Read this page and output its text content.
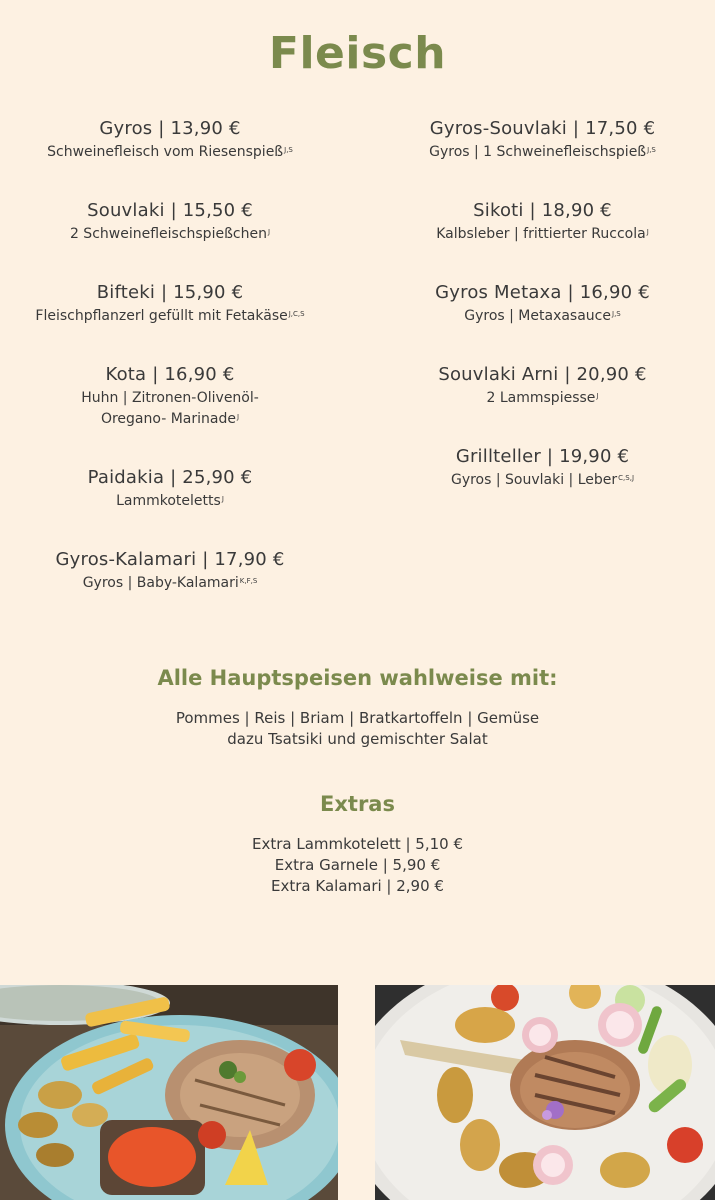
Fleisch
Gyros | 13,90 €
Schweinefleisch vom Riesenspieß$^{J,S}$
Souvlaki | 15,50 €
2 Schweinefleischspießchen$^J$
Bifteki | 15,90 €
Fleischpflanzerl gefüllt mit Fetakäse$^{J,C,S}$
Kota | 16,90 €
Huhn | Zitronen-Olivenöl-Oregano- Marinade$^J$
Paidakia | 25,90 €
Lammkoteletts$^J$
Gyros-Kalamari | 17,90 €
Gyros | Baby-Kalamari$^{K,F,S}$
Gyros-Souvlaki | 17,50 €
Gyros | 1 Schweinefleischspieß$^{J,S}$
Sikoti | 18,90 €
Kalbsleber | frittierter Ruccola$^J$
Gyros Metaxa | 16,90 €
Gyros | Metaxasauce$^{J,S}$
Souvlaki Arni | 20,90 €
2 Lammspiesse$^J$
Grillteller | 19,90 €
Gyros | Souvlaki | Leber$^{C,S,J}$
Alle Hauptspeisen wahlweise mit:
Pommes | Reis | Briam | Bratkartoffeln | Gemüse
dazu Tsatsiki und gemischter Salat
Extras
Extra Lammkotelett | 5,10 €
Extra Garnele | 5,90 €
Extra Kalamari | 2,90 €
